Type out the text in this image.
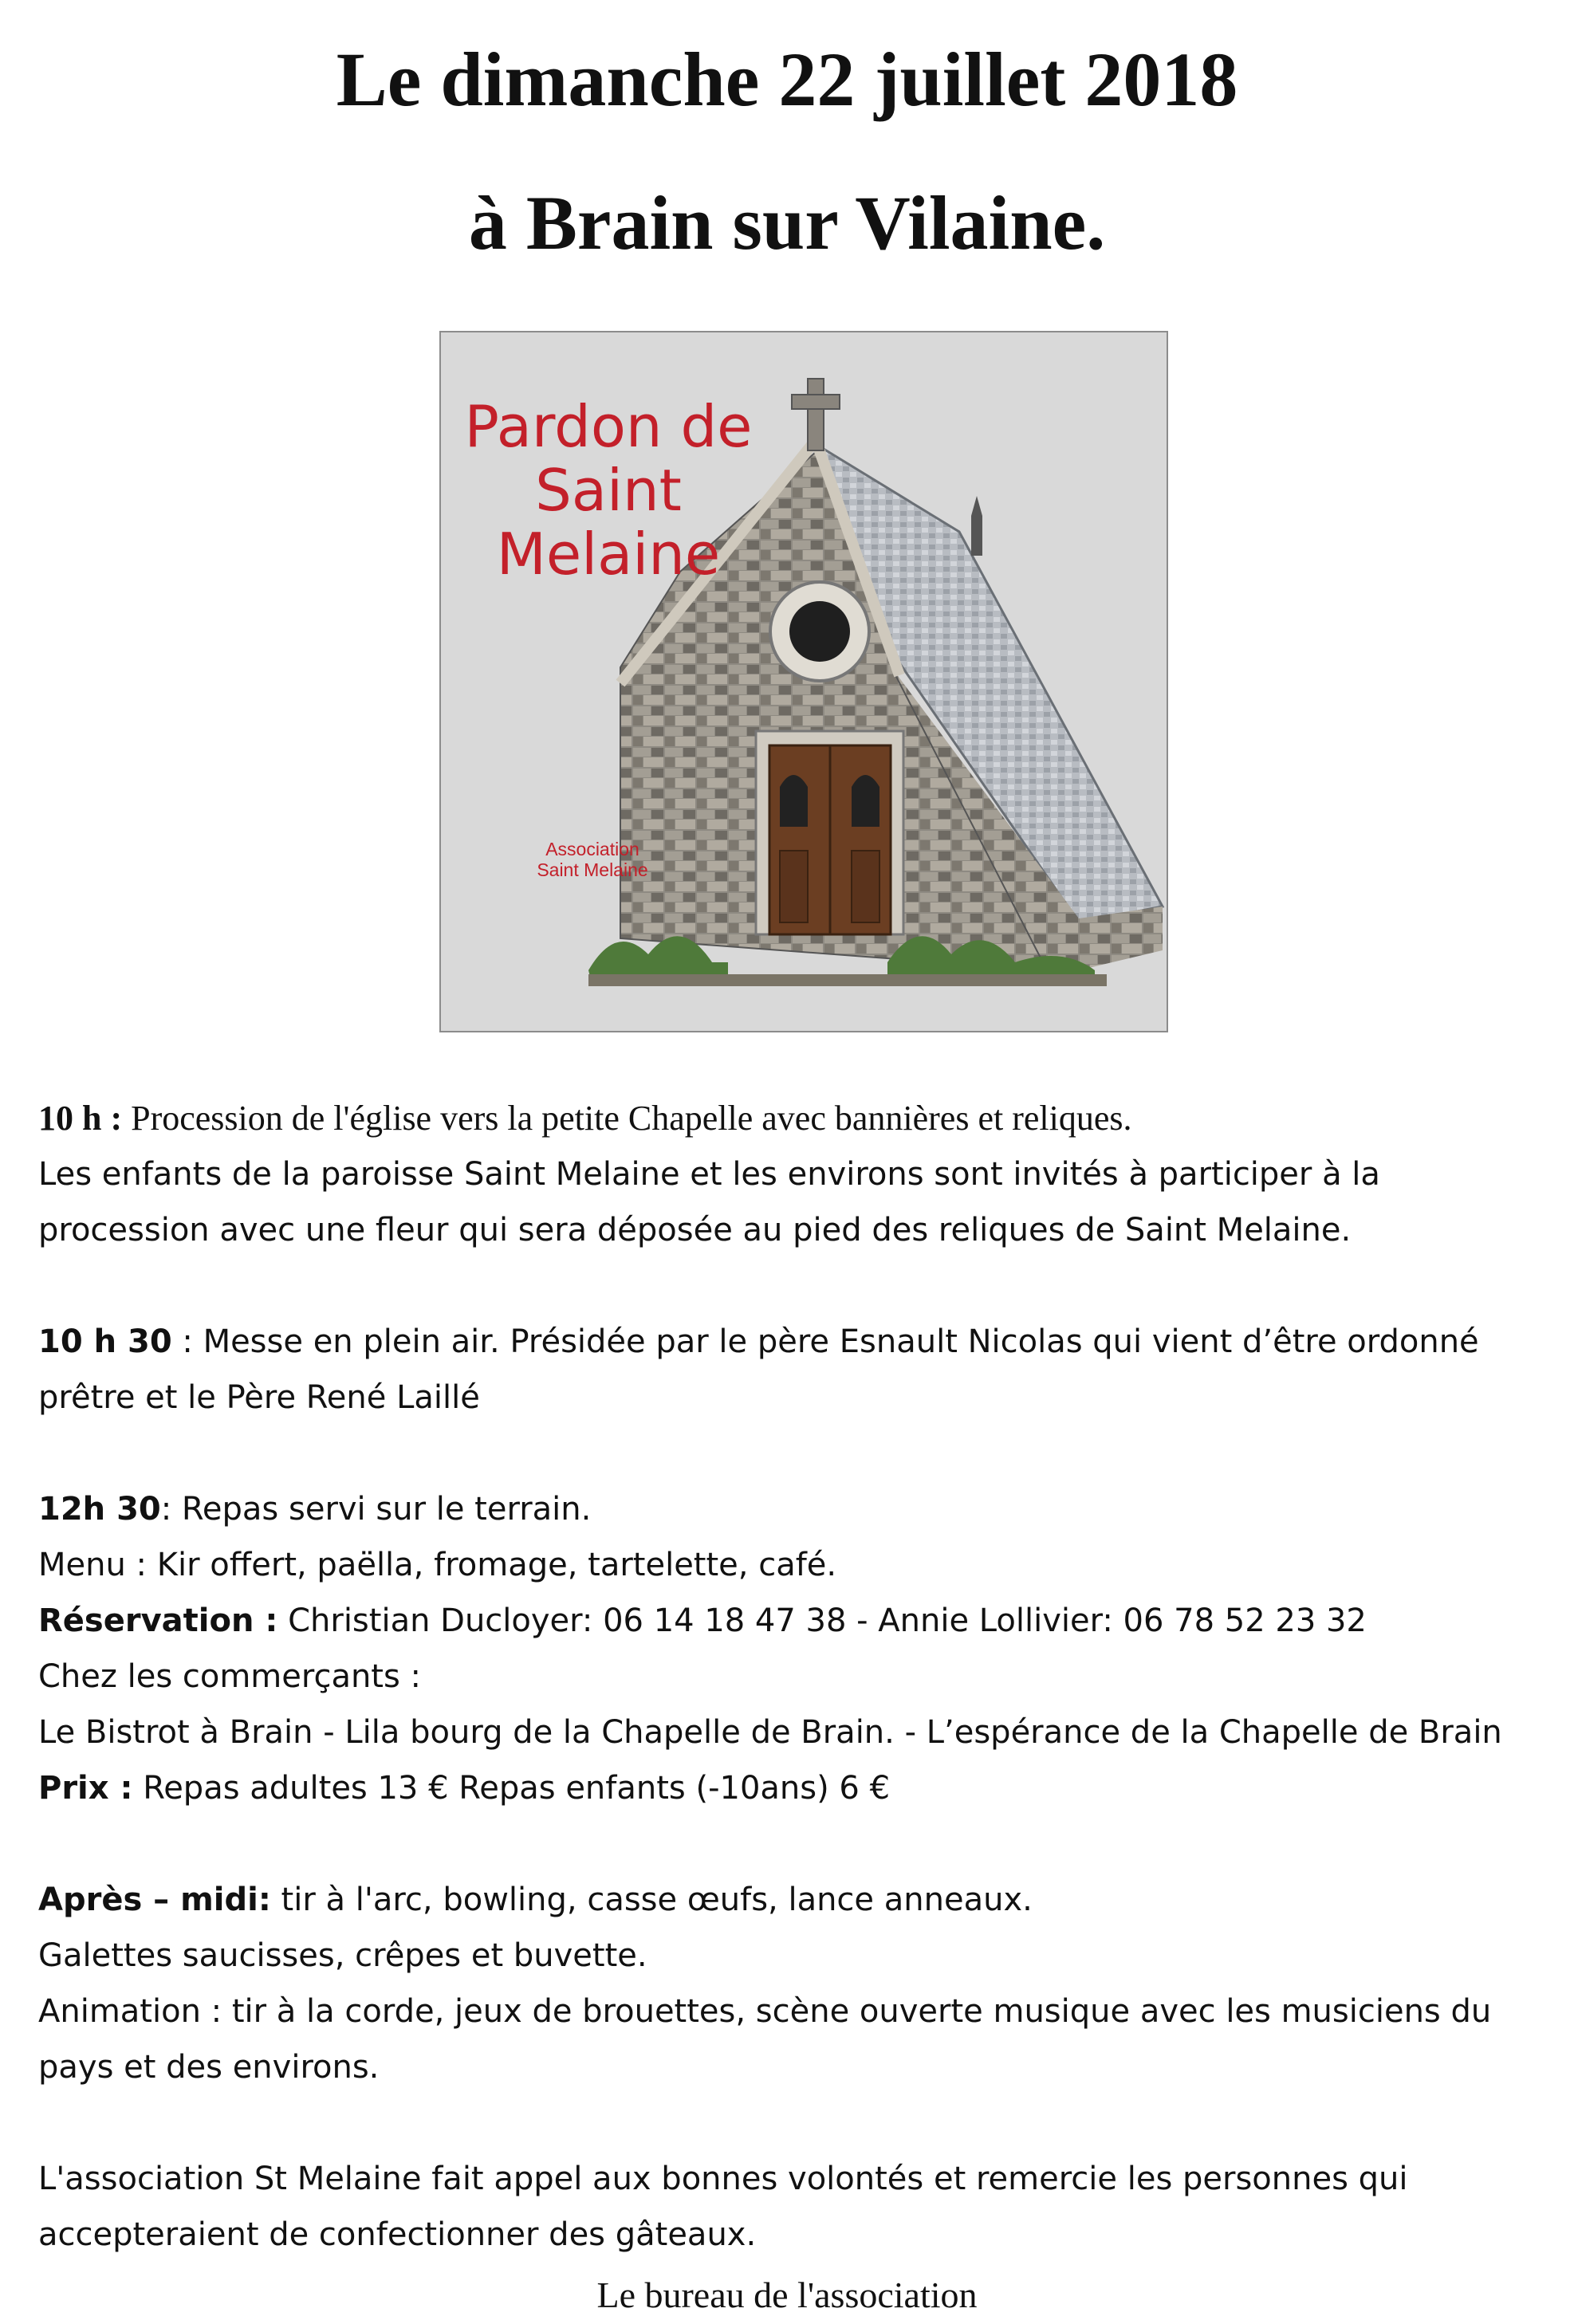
Le dimanche 22 juillet 2018
à Brain sur Vilaine.
Pardon de
Saint
Melaine
Association
Saint Melaine
10 h : Procession de l'église vers la petite Chapelle avec bannières et reliques.
Les enfants de la paroisse Saint Melaine et les environs sont invités à participer à la
procession avec une fleur qui sera déposée au pied des reliques de Saint Melaine.
10 h 30 : Messe en plein air. Présidée par le père Esnault Nicolas qui vient d’être ordonné
prêtre et le Père René Laillé
12h 30: Repas servi sur le terrain.
Menu : Kir offert, paëlla, fromage, tartelette, café.
Réservation : Christian Ducloyer: 06 14 18 47 38 - Annie Lollivier: 06 78 52 23 32
Chez les commerçants :
Le Bistrot à Brain - Lila bourg de la Chapelle de Brain. - L’espérance de la Chapelle de Brain
Prix : Repas adultes 13 € Repas enfants (-10ans) 6 €
Après – midi: tir à l'arc, bowling, casse œufs, lance anneaux.
Galettes saucisses, crêpes et buvette.
Animation : tir à la corde, jeux de brouettes, scène ouverte musique avec les musiciens du
pays et des environs.
L'association St Melaine fait appel aux bonnes volontés et remercie les personnes qui
accepteraient de confectionner des gâteaux.
Le bureau de l'association
